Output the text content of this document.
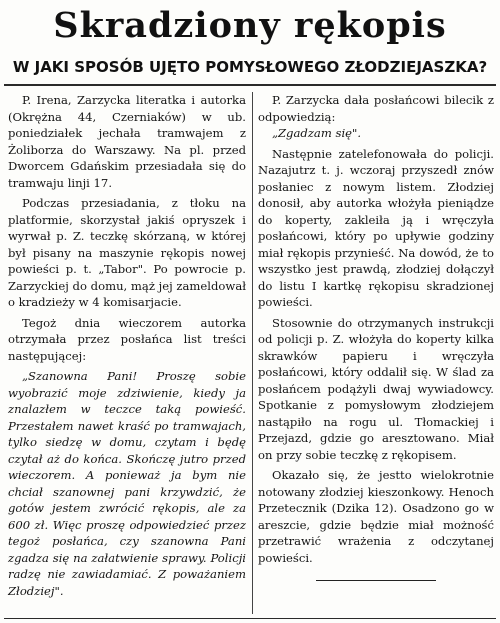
Skradziony rękopis
W JAKI SPOSÓB UJĘTO POMYSŁOWEGO ZŁODZIEJASZKA?

P. Irena, Zarzycka literatka i autorka (Okrężna 44, Czerniaków) w ub. poniedziałek jechała tramwajem z Żoliborza do Warszawy. Na pl. przed Dworcem Gdańskim przesiadała się do tramwaju linji 17.

Podczas przesiadania, z tłoku na platformie, skorzystał jakiś opryszek i wyrwał p. Z. teczkę skórzaną, w której był pisany na maszynie rękopis nowej powieści p. t. „Tabor". Po powrocie p. Zarzyckiej do domu, mąż jej zameldował o kradzieży w 4 komisarjacie.

Tegoż dnia wieczorem autorka otrzymała przez posłańca list treści następującej:

„Szanowna Pani! Proszę sobie wyobrazić moje zdziwienie, kiedy ja znalazłem w teczce taką powieść. Przestałem nawet kraść po tramwajach, tylko siedzę w domu, czytam i będę czytał aż do końca. Skończę jutro przed wieczorem. A ponieważ ja bym nie chciał szanownej pani krzywdzić, że gotów jestem zwrócić rękopis, ale za 600 zł. Więc proszę odpowiedzieć przez tegoż posłańca, czy szanowna Pani zgadza się na załatwienie sprawy. Policji radzę nie zawiadamiać. Z poważaniem Złodziej".

P. Zarzycka dała posłańcowi bilecik z odpowiedzią:

„Zgadzam się".

Następnie zatelefonowała do policji. Nazajutrz t. j. wczoraj przyszedł znów posłaniec z nowym listem. Złodziej donosił, aby autorka włożyła pieniądze do koperty, zakleiła ją i wręczyła posłańcowi, który po upływie godziny miał rękopis przynieść. Na dowód, że to wszystko jest prawdą, złodziej dołączył do listu I kartkę rękopisu skradzionej powieści.

Stosownie do otrzymanych instrukcji od policji p. Z. włożyła do koperty kilka skrawków papieru i wręczyła posłańcowi, który oddalił się. W ślad za posłańcem podążyli dwaj wywiadowcy. Spotkanie z pomysłowym złodziejem nastąpiło na rogu ul. Tłomackiej i Przejazd, gdzie go aresztowano. Miał on przy sobie teczkę z rękopisem.

Okazało się, że jestto wielokrotnie notowany złodziej kieszonkowy. Henoch Przetecznik (Dzika 12). Osadzono go w areszcie, gdzie będzie miał możność przetrawić wrażenia z odczytanej powieści.
